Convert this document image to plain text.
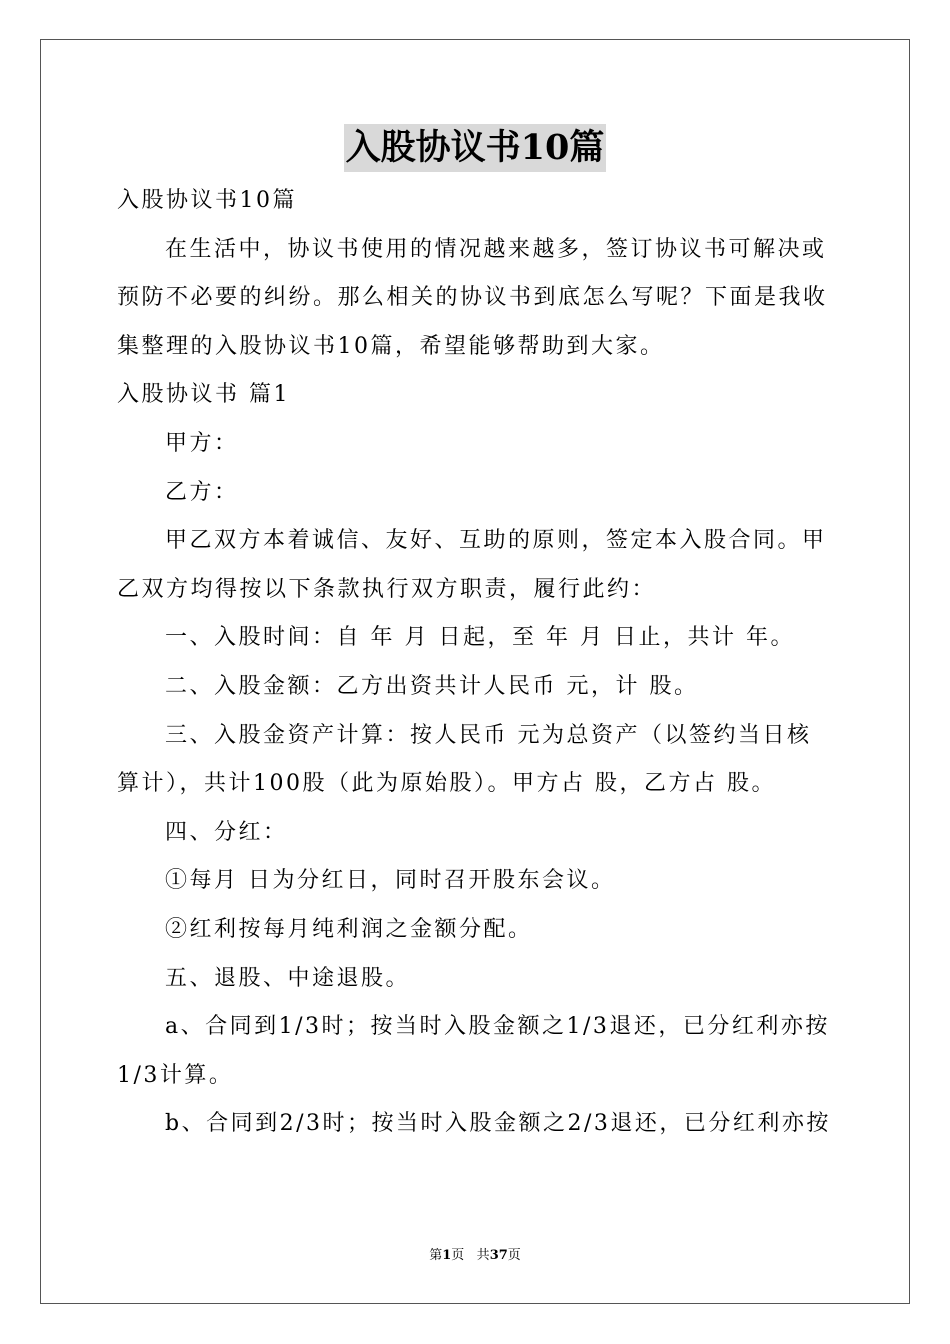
入股协议书10篇

入股协议书10篇

在生活中，协议书使用的情况越来越多，签订协议书可解决或预防不必要的纠纷。那么相关的协议书到底怎么写呢？下面是我收集整理的入股协议书10篇，希望能够帮助到大家。

入股协议书 篇1

甲方：

乙方：

甲乙双方本着诚信、友好、互助的原则，签定本入股合同。甲乙双方均得按以下条款执行双方职责，履行此约：

一、入股时间：自 年 月 日起，至 年 月 日止，共计 年。

二、入股金额：乙方出资共计人民币 元，计 股。

三、入股金资产计算：按人民币 元为总资产（以签约当日核算计），共计100股（此为原始股）。甲方占 股，乙方占 股。

四、分红：

①每月 日为分红日，同时召开股东会议。

②红利按每月纯利润之金额分配。

五、退股、中途退股。

a、合同到1/3时；按当时入股金额之1/3退还，已分红利亦按1/3计算。

b、合同到2/3时；按当时入股金额之2/3退还，已分红利亦按

第1页 共37页
